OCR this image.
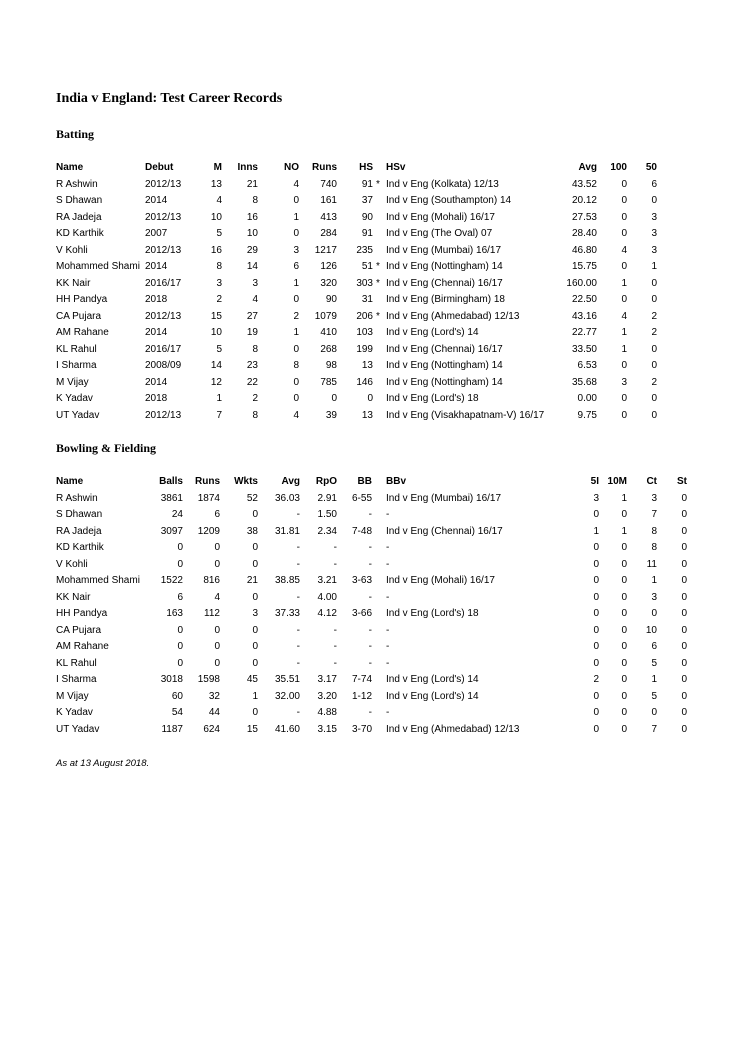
India v England: Test Career Records
Batting
Name	Debut	M	Inns	NO	Runs	HS HSv	Avg	100	50
R Ashwin	2012/13	13	21	4	740	91 * Ind v Eng (Kolkata) 12/13	43.52	0	6
S Dhawan	2014	4	8	0	161	37 Ind v Eng (Southampton) 14	20.12	0	0
RA Jadeja	2012/13	10	16	1	413	90 Ind v Eng (Mohali) 16/17	27.53	0	3
KD Karthik	2007	5	10	0	284	91 Ind v Eng (The Oval) 07	28.40	0	3
V Kohli	2012/13	16	29	3	1217	235 Ind v Eng (Mumbai) 16/17	46.80	4	3
Mohammed Shami 2014	8	14	6	126	51 * Ind v Eng (Nottingham) 14	15.75	0	1
KK Nair	2016/17	3	3	1	320	303 * Ind v Eng (Chennai) 16/17	160.00	1	0
HH Pandya	2018	2	4	0	90	31 Ind v Eng (Birmingham) 18	22.50	0	0
CA Pujara	2012/13	15	27	2	1079	206 * Ind v Eng (Ahmedabad) 12/13	43.16	4	2
AM Rahane	2014	10	19	1	410	103 Ind v Eng (Lord's) 14	22.77	1	2
KL Rahul	2016/17	5	8	0	268	199 Ind v Eng (Chennai) 16/17	33.50	1	0
I Sharma	2008/09	14	23	8	98	13 Ind v Eng (Nottingham) 14	6.53	0	0
M Vijay	2014	12	22	0	785	146 Ind v Eng (Nottingham) 14	35.68	3	2
K Yadav	2018	1	2	0	0	0 Ind v Eng (Lord's) 18	0.00	0	0
UT Yadav	2012/13	7	8	4	39	13 Ind v Eng (Visakhapatnam-V) 16/17	9.75	0	0
Bowling & Fielding
Name	Balls	Runs	Wkts	Avg	RpO	BB BBv	5I 10M	Ct	St
R Ashwin	3861	1874	52	36.03	2.91	6-55 Ind v Eng (Mumbai) 16/17	3	1	3	0
S Dhawan	24	6	0	-	1.50	- -	0	0	7	0
RA Jadeja	3097	1209	38	31.81	2.34	7-48 Ind v Eng (Chennai) 16/17	1	1	8	0
KD Karthik	0	0	0	-	-	- -	0	0	8	0
V Kohli	0	0	0	-	-	- -	0	0	11	0
Mohammed Shami	1522	816	21	38.85	3.21	3-63 Ind v Eng (Mohali) 16/17	0	0	1	0
KK Nair	6	4	0	-	4.00	- -	0	0	3	0
HH Pandya	163	112	3	37.33	4.12	3-66 Ind v Eng (Lord's) 18	0	0	0	0
CA Pujara	0	0	0	-	-	- -	0	0	10	0
AM Rahane	0	0	0	-	-	- -	0	0	6	0
KL Rahul	0	0	0	-	-	- -	0	0	5	0
I Sharma	3018	1598	45	35.51	3.17	7-74 Ind v Eng (Lord's) 14	2	0	1	0
M Vijay	60	32	1	32.00	3.20	1-12 Ind v Eng (Lord's) 14	0	0	5	0
K Yadav	54	44	0	-	4.88	- -	0	0	0	0
UT Yadav	1187	624	15	41.60	3.15	3-70 Ind v Eng (Ahmedabad) 12/13	0	0	7	0
As at 13 August 2018.
